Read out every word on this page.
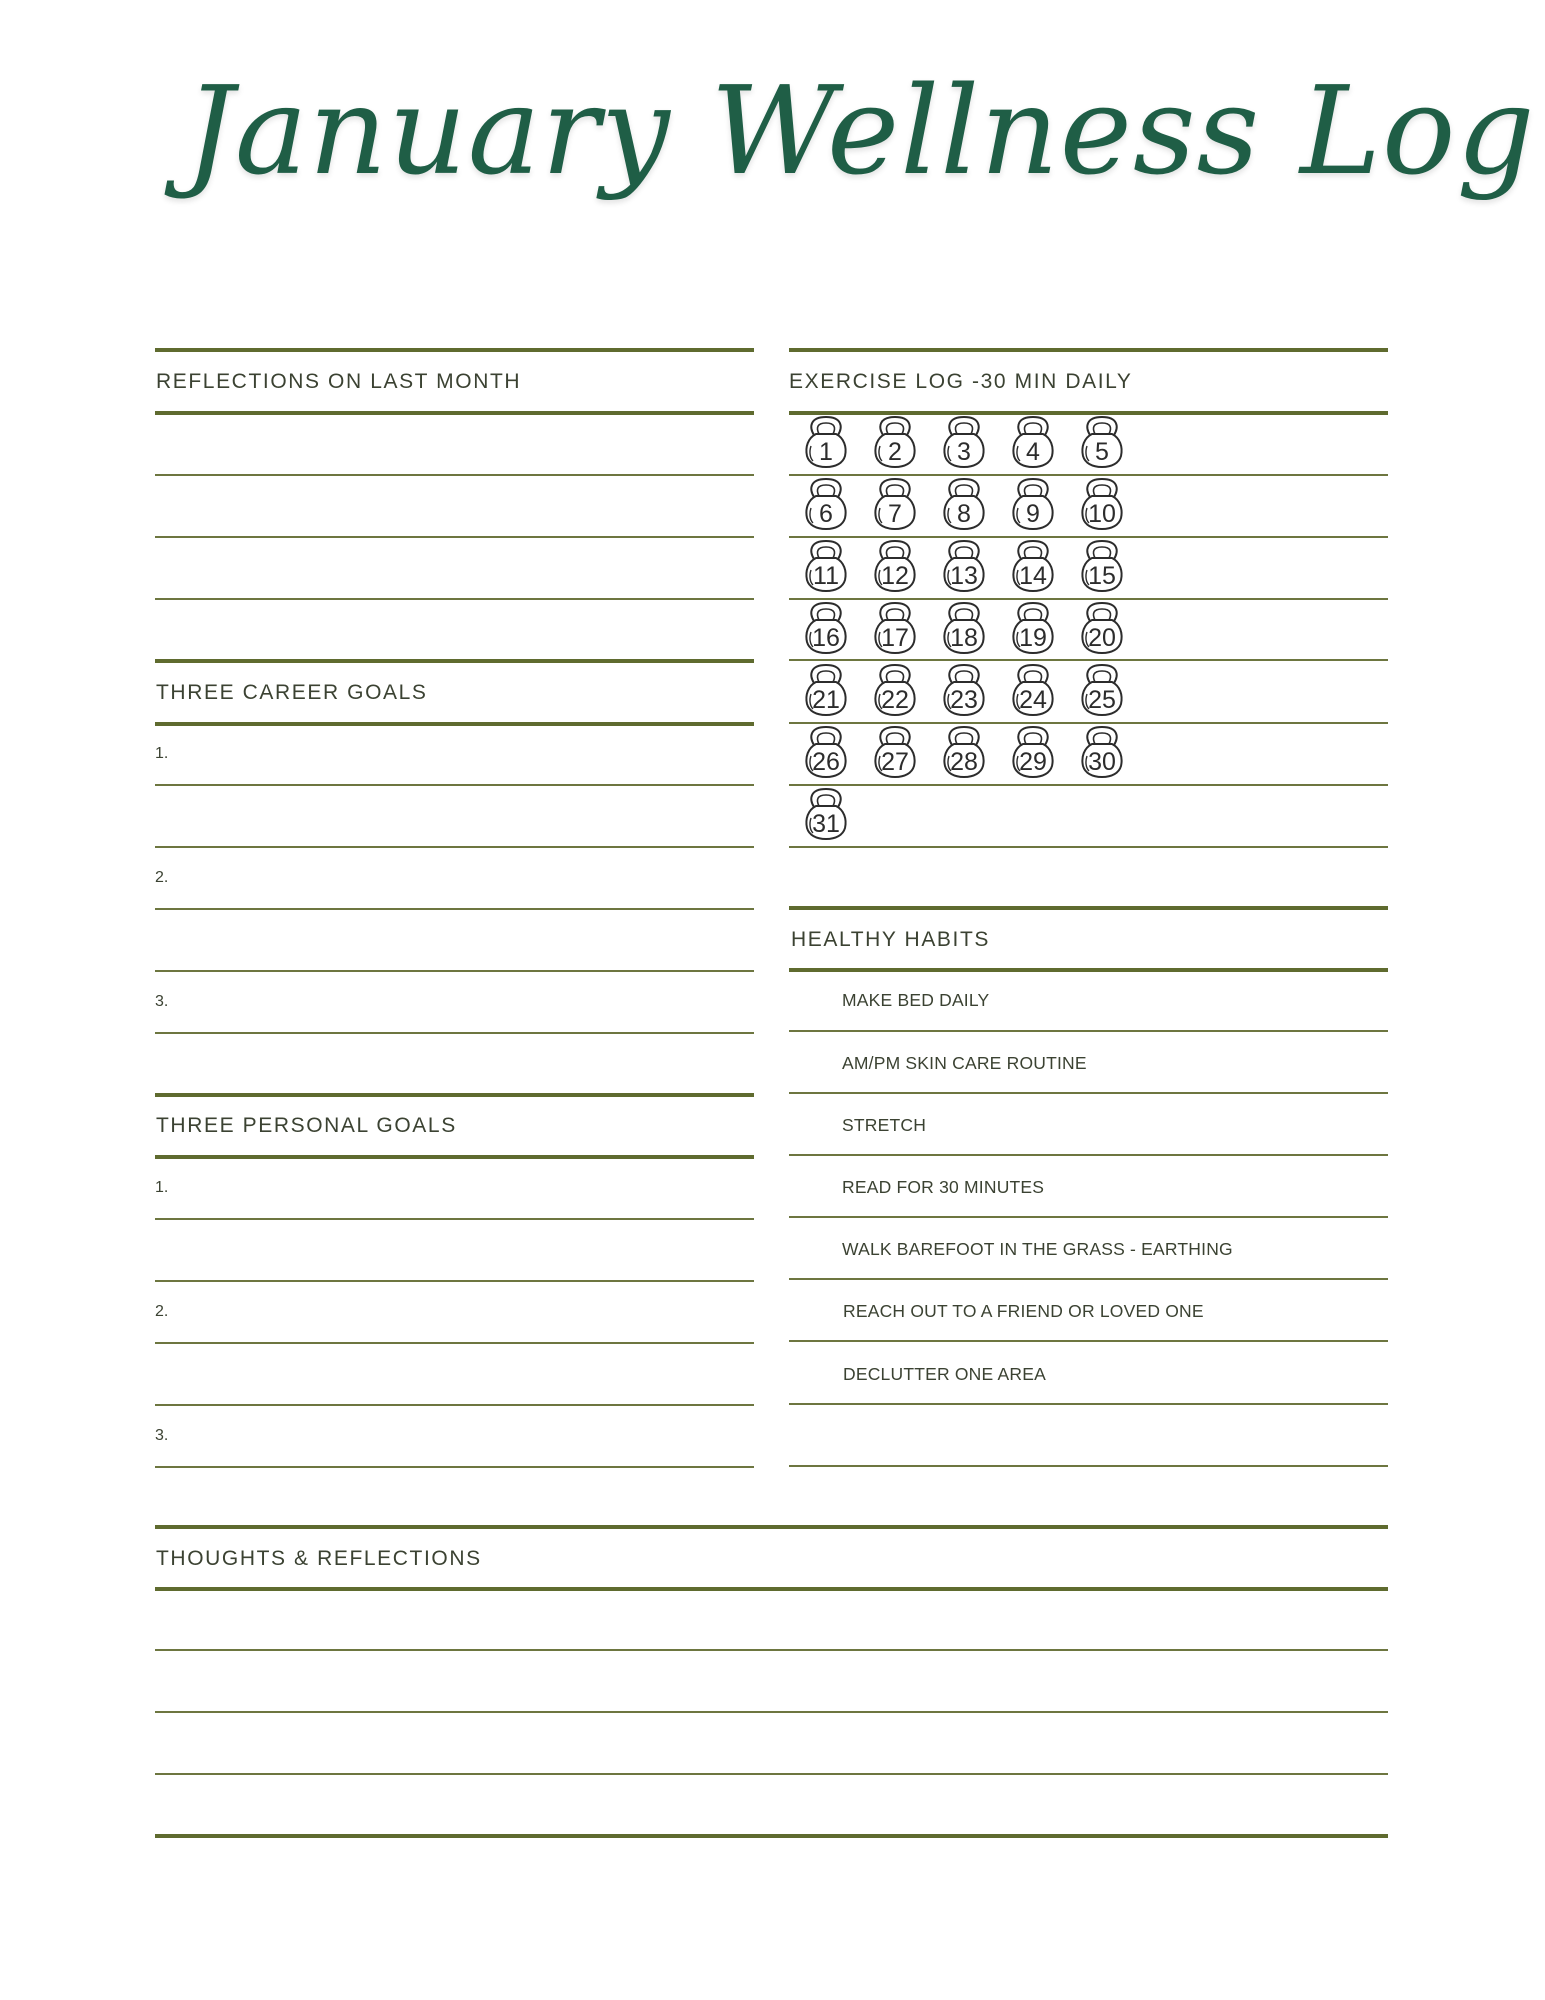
January Wellness Log
REFLECTIONS ON LAST MONTH
THREE CAREER GOALS
1.
2.
3.
THREE PERSONAL GOALS
1.
2.
3.
EXERCISE LOG -30 MIN DAILY
1	2	3	4	5
6	7	8	9	10
11	12	13	14	15
16	17	18	19	20
21	22	23	24	25
26	27	28	29	30
31
HEALTHY HABITS
MAKE BED DAILY
AM/PM SKIN CARE ROUTINE
STRETCH
READ FOR 30 MINUTES
WALK BAREFOOT IN THE GRASS - EARTHING
REACH OUT TO A FRIEND OR LOVED ONE
DECLUTTER ONE AREA
THOUGHTS & REFLECTIONS
